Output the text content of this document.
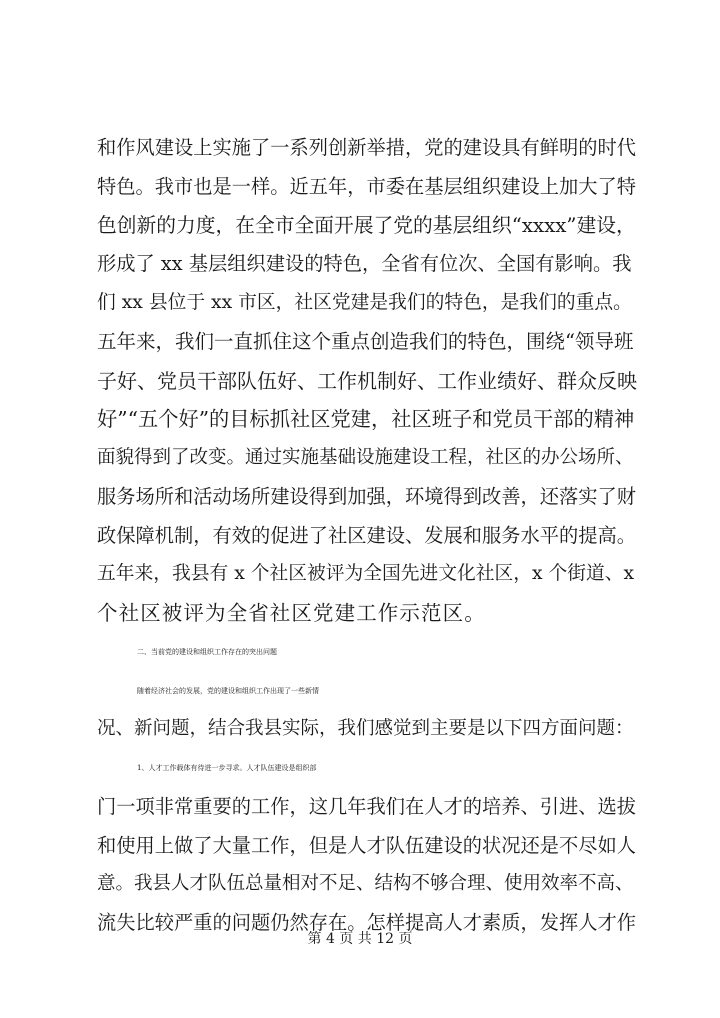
和作风建设上实施了一系列创新举措，党的建设具有鲜明的时代
特色。我市也是一样。近五年，市委在基层组织建设上加大了特
色创新的力度，在全市全面开展了党的基层组织“xxxx”建设，
形成了 xx 基层组织建设的特色，全省有位次、全国有影响。我
们 xx 县位于 xx 市区，社区党建是我们的特色，是我们的重点。
五年来，我们一直抓住这个重点创造我们的特色，围绕“领导班
子好、党员干部队伍好、工作机制好、工作业绩好、群众反映
好”“五个好”的目标抓社区党建，社区班子和党员干部的精神
面貌得到了改变。通过实施基础设施建设工程，社区的办公场所、
服务场所和活动场所建设得到加强，环境得到改善，还落实了财
政保障机制，有效的促进了社区建设、发展和服务水平的提高。
五年来，我县有 x 个社区被评为全国先进文化社区，x 个街道、x
个社区被评为全省社区党建工作示范区。
二、当前党的建设和组织工作存在的突出问题
随着经济社会的发展，党的建设和组织工作出现了一些新情
况、新问题，结合我县实际，我们感觉到主要是以下四方面问题：
1、人才工作载体有待进一步寻求。人才队伍建设是组织部
门一项非常重要的工作，这几年我们在人才的培养、引进、选拔
和使用上做了大量工作，但是人才队伍建设的状况还是不尽如人
意。我县人才队伍总量相对不足、结构不够合理、使用效率不高、
流失比较严重的问题仍然存在。怎样提高人才素质，发挥人才作
第 4 页 共 12 页
